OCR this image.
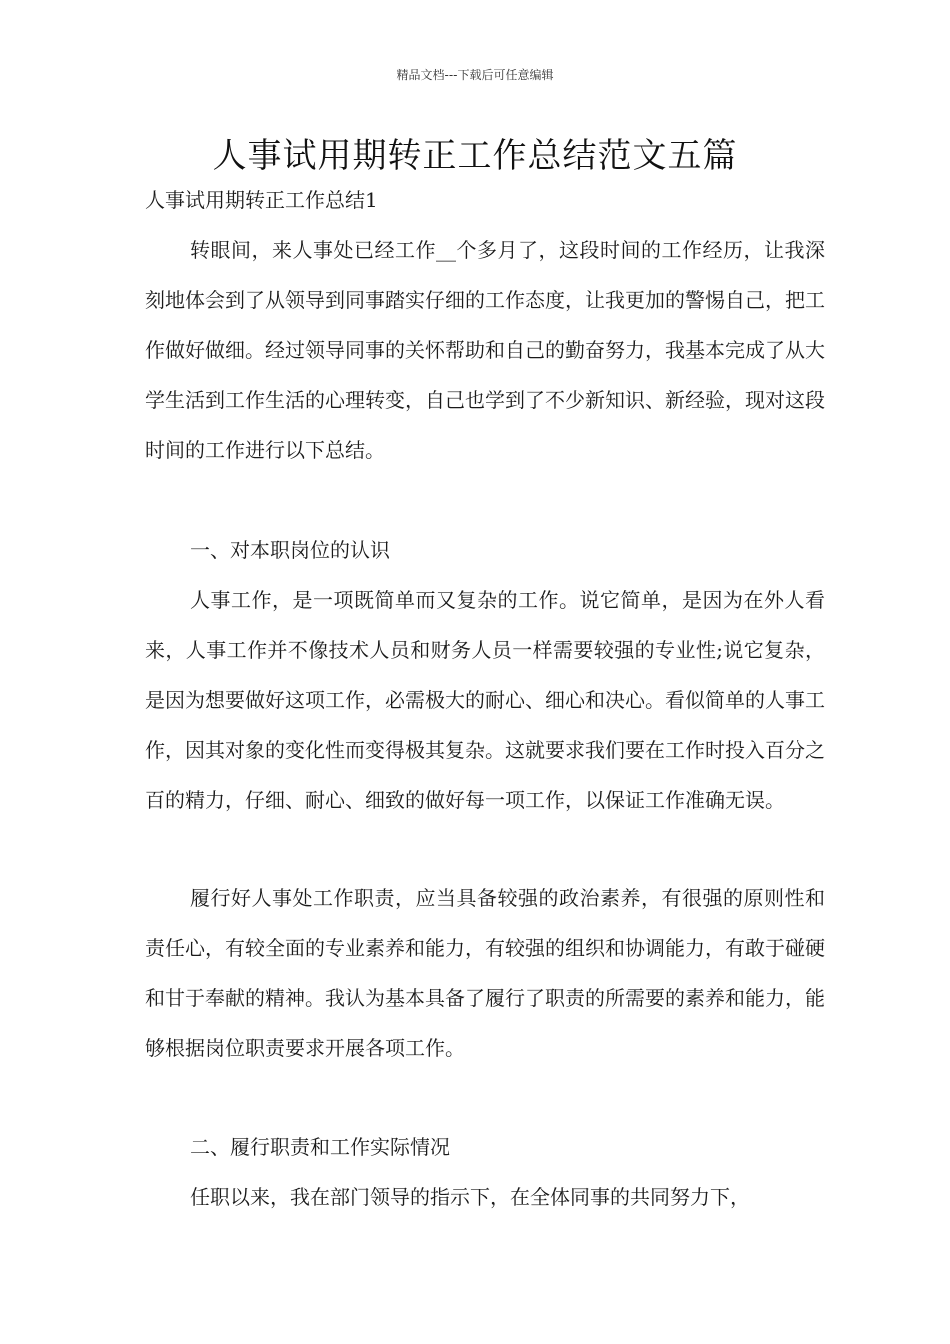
精品文档---下载后可任意编辑
人事试用期转正工作总结范文五篇
人事试用期转正工作总结1

转眼间，来人事处已经工作__个多月了，这段时间的工作经历，让我深刻地体会到了从领导到同事踏实仔细的工作态度，让我更加的警惕自己，把工作做好做细。经过领导同事的关怀帮助和自己的勤奋努力，我基本完成了从大学生活到工作生活的心理转变，自己也学到了不少新知识、新经验，现对这段时间的工作进行以下总结。

一、对本职岗位的认识

人事工作，是一项既简单而又复杂的工作。说它简单，是因为在外人看来，人事工作并不像技术人员和财务人员一样需要较强的专业性;说它复杂，是因为想要做好这项工作，必需极大的耐心、细心和决心。看似简单的人事工作，因其对象的变化性而变得极其复杂。这就要求我们要在工作时投入百分之百的精力，仔细、耐心、细致的做好每一项工作，以保证工作准确无误。

履行好人事处工作职责，应当具备较强的政治素养，有很强的原则性和责任心，有较全面的专业素养和能力，有较强的组织和协调能力，有敢于碰硬和甘于奉献的精神。我认为基本具备了履行了职责的所需要的素养和能力，能够根据岗位职责要求开展各项工作。

二、履行职责和工作实际情况

任职以来，我在部门领导的指示下，在全体同事的共同努力下，
